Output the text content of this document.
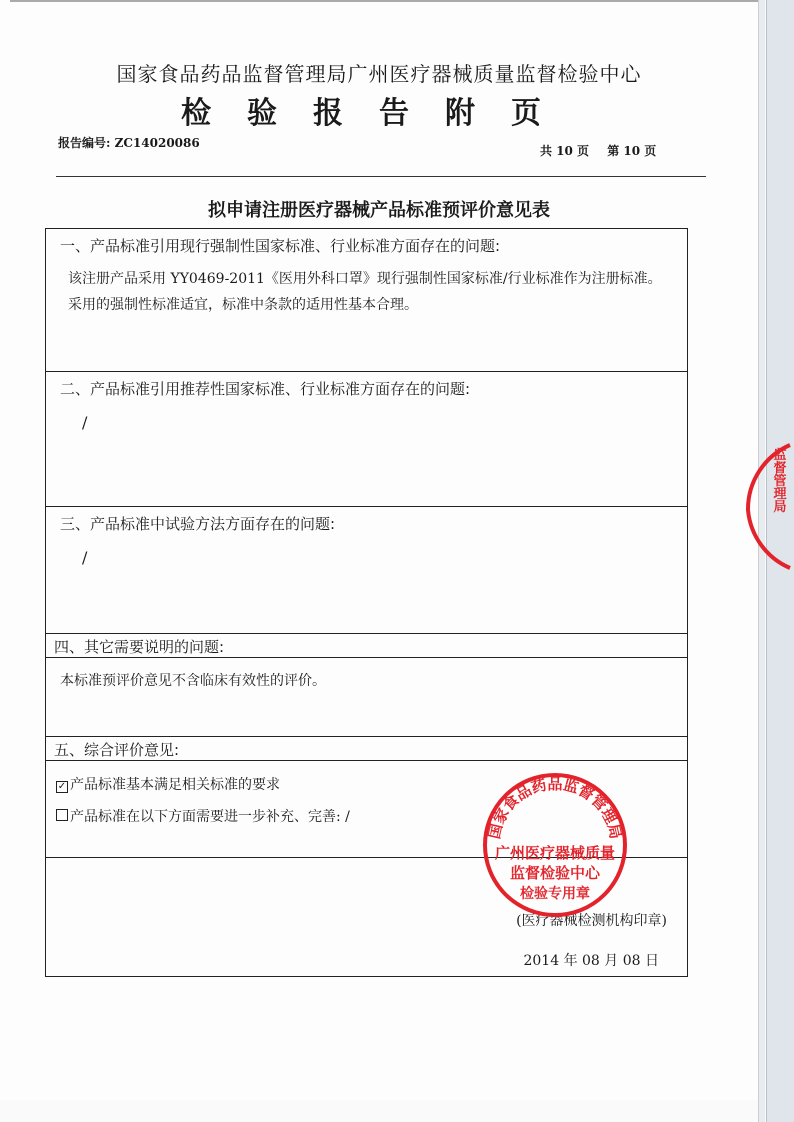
国家食品药品监督管理局广州医疗器械质量监督检验中心
检验报告附页
报告编号: ZC14020086
共 10 页 第 10 页
拟申请注册医疗器械产品标准预评价意见表
一、产品标准引用现行强制性国家标准、行业标准方面存在的问题:
该注册产品采用 YY0469-2011《医用外科口罩》现行强制性国家标准/行业标准作为注册标准。采用的强制性标准适宜，标准中条款的适用性基本合理。

二、产品标准引用推荐性国家标准、行业标准方面存在的问题:
/

三、产品标准中试验方法方面存在的问题:
/

四、其它需要说明的问题:

本标准预评价意见不含临床有效性的评价。

五、综合评价意见:

✓ 产品标准基本满足相关标准的要求
产品标准在以下方面需要进一步补充、完善: /

(医疗器械检测机构印章)
2014 年 08 月 08 日
国家食品药品监督管理局
广州医疗器械质量
监督检验中心
检验专用章
监督管理局
